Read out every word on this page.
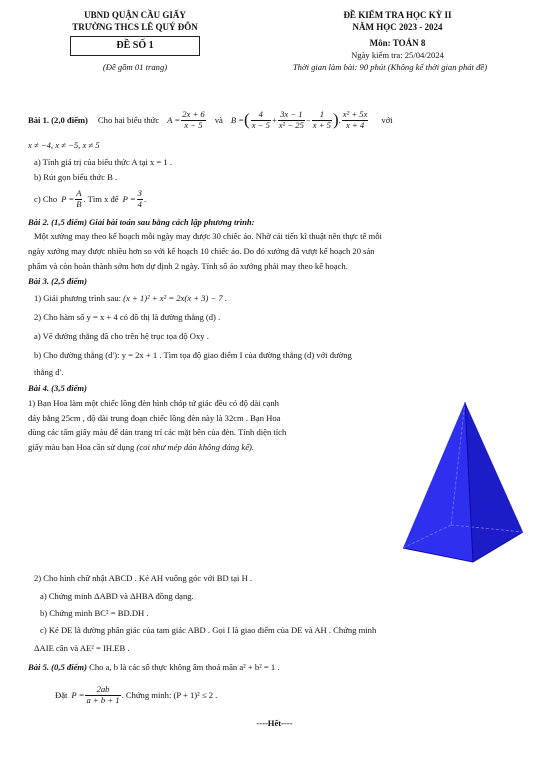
UBND QUẬN CẦU GIẤY
TRƯỜNG THCS LÊ QUÝ ĐÔN
ĐỀ SỐ 1
(Đề gồm 01 trang)
ĐỀ KIỂM TRA HỌC KỲ II
NĂM HỌC 2023 - 2024
Môn: TOÁN 8
Ngày kiểm tra: 25/04/2024
Thời gian làm bài: 90 phút (Không kể thời gian phát đề)
Bài 1. (2,0 điểm) Cho hai biểu thức $A = \frac{2x + 6}{x - 5}$ và B = ( $\frac{4}{x - 5} + \frac{3x - 1}{\text{x² − 25}} - \frac{1}{x + 5}$ ) . $\frac{\text{x² + 5x}}{x + 4}$ với
x ≠ −4, x ≠ −5, x ≠ 5
a) Tính giá trị của biểu thức A tại x = 1 .
b) Rút gọn biểu thức B .
c) Cho $P = \frac{A}{B}$ . Tìm x để $P = \frac{3}{4}$ .
Bài 2. (1,5 điểm) Giải bài toán sau bằng cách lập phương trình:
Một xưởng may theo kế hoạch mỗi ngày may được 30 chiếc áo. Nhờ cải tiến kĩ thuật nên thực tế mỗi
ngày xưởng may được nhiều hơn so với kế hoạch 10 chiếc áo. Do đó xưởng đã vượt kế hoạch 20 sản
phẩm và còn hoàn thành sớm hơn dự định 2 ngày. Tính số áo xưởng phải may theo kế hoạch.
Bài 3. (2,5 điểm)
1) Giải phương trình sau: (x + 1)² + x² = 2x(x + 3) − 7 .
2) Cho hàm số y = x + 4 có đồ thị là đường thẳng (d) .
a) Vẽ đường thẳng đã cho trên hệ trục tọa độ Oxy .
b) Cho đường thẳng (d′): y = 2x + 1 . Tìm tọa độ giao điểm I của đường thẳng (d) với đường
thẳng d′.
Bài 4. (3,5 điểm)
1) Bạn Hoa làm một chiếc lồng đèn hình chóp tứ giác đều có độ dài cạnh
đáy bằng 25cm , độ dài trung đoạn chiếc lồng đèn này là 32cm . Bạn Hoa
dùng các tấm giấy màu để dán trang trí các mặt bên của đèn. Tính diện tích
giấy màu bạn Hoa cần sử dụng (coi như mép dán không đáng kể).
2) Cho hình chữ nhật ABCD . Kẻ AH vuông góc với BD tại H .
a) Chứng minh ΔABD và ΔHBA đồng dạng.
b) Chứng minh BC² = BD.DH .
c) Kẻ DE là đường phân giác của tam giác ABD . Gọi I là giao điểm của DE và AH . Chứng minh
ΔAIE cân và AE² = IH.EB .
Bài 5. (0,5 điểm) Cho a, b là các số thực không âm thoả mãn a² + b² = 1 .
Đặt $P = \frac{2ab}{a + b + 1}$ . Chứng minh: (P + 1)² ≤ 2 .
----Hết----
